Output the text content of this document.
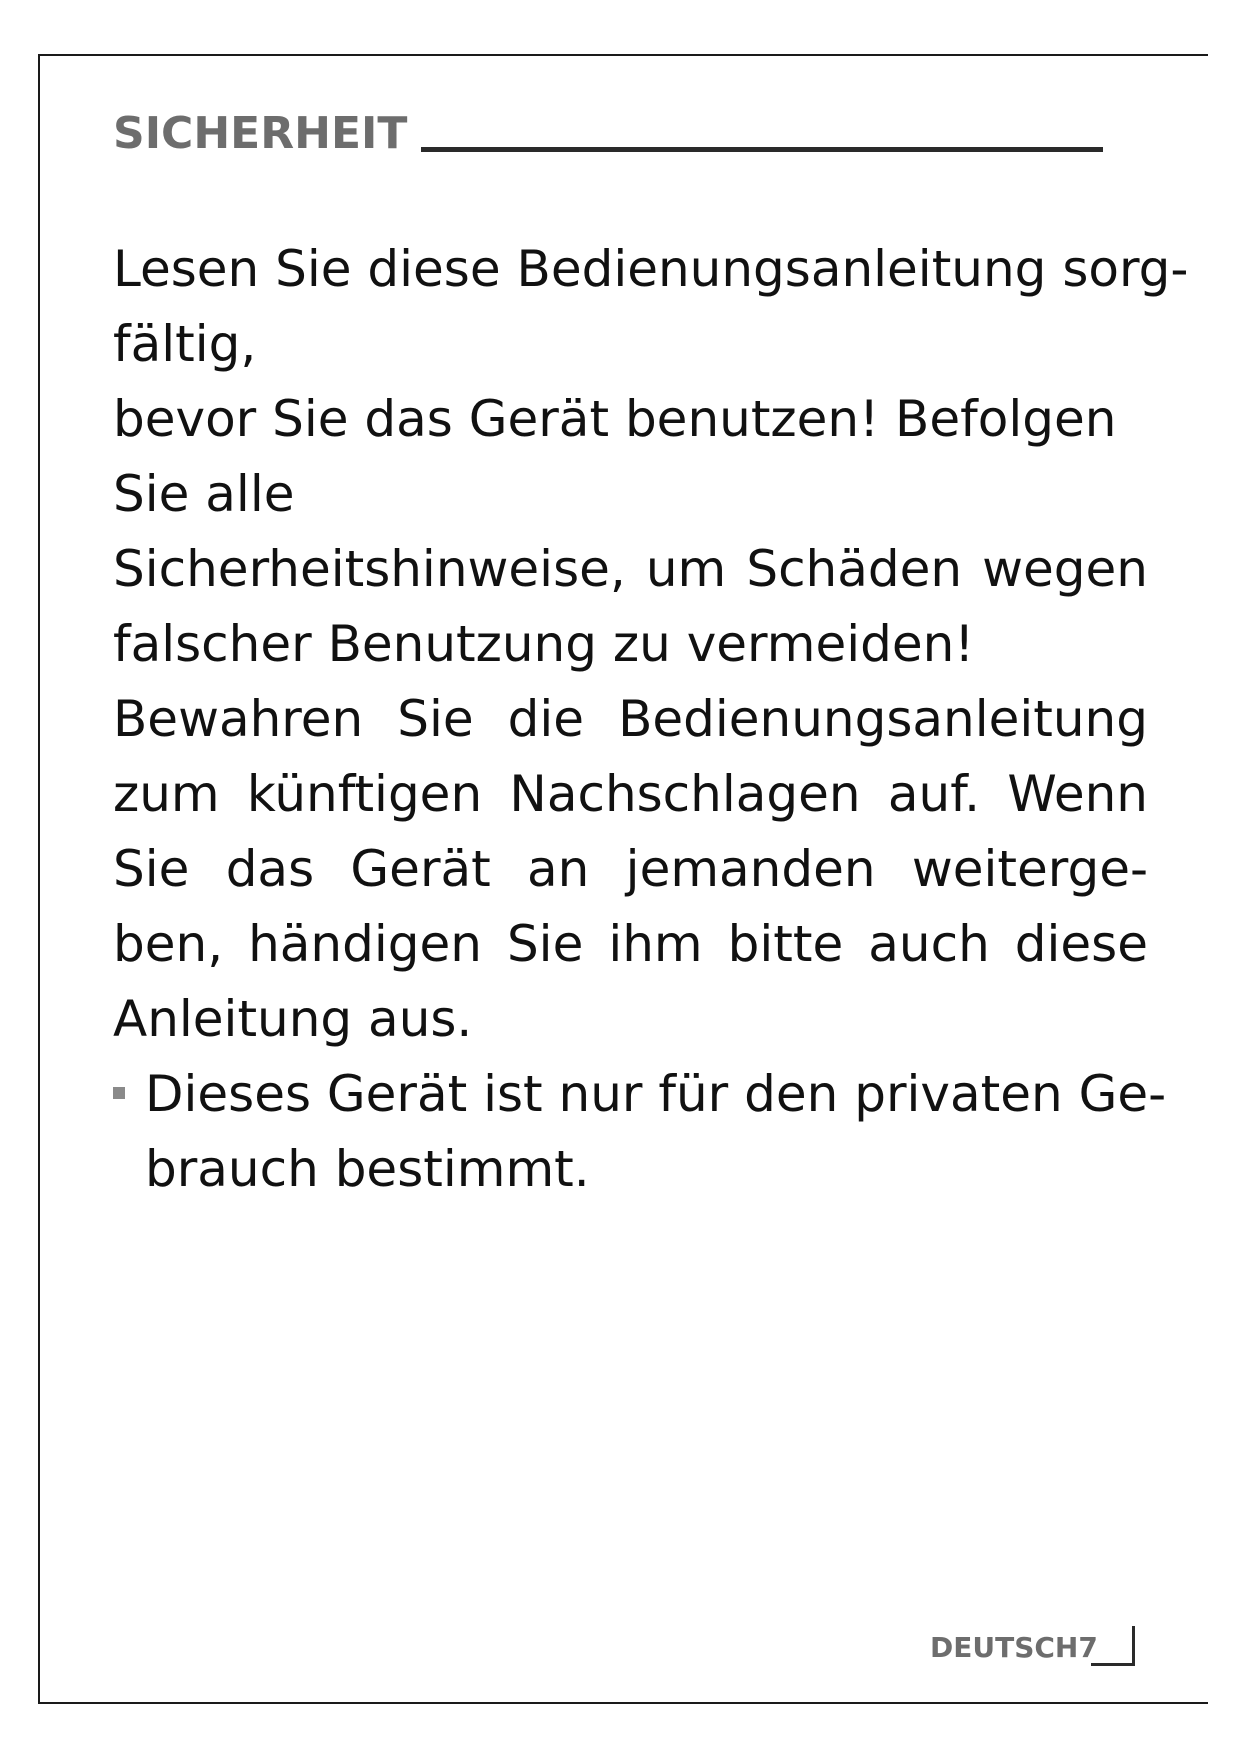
SICHERHEIT
Lesen Sie diese Bedienungsanleitung sorg-
fältig,
bevor Sie das Gerät benutzen! Befolgen
Sie alle
Sicherheitshinweise, um Schäden wegen
falscher Benutzung zu vermeiden!
Bewahren Sie die Bedienungsanleitung
zum künftigen Nachschlagen auf. Wenn
Sie das Gerät an jemanden weiterge-
ben, händigen Sie ihm bitte auch diese
Anleitung aus.
Dieses Gerät ist nur für den privaten Ge-
brauch bestimmt.
DEUTSCH7
